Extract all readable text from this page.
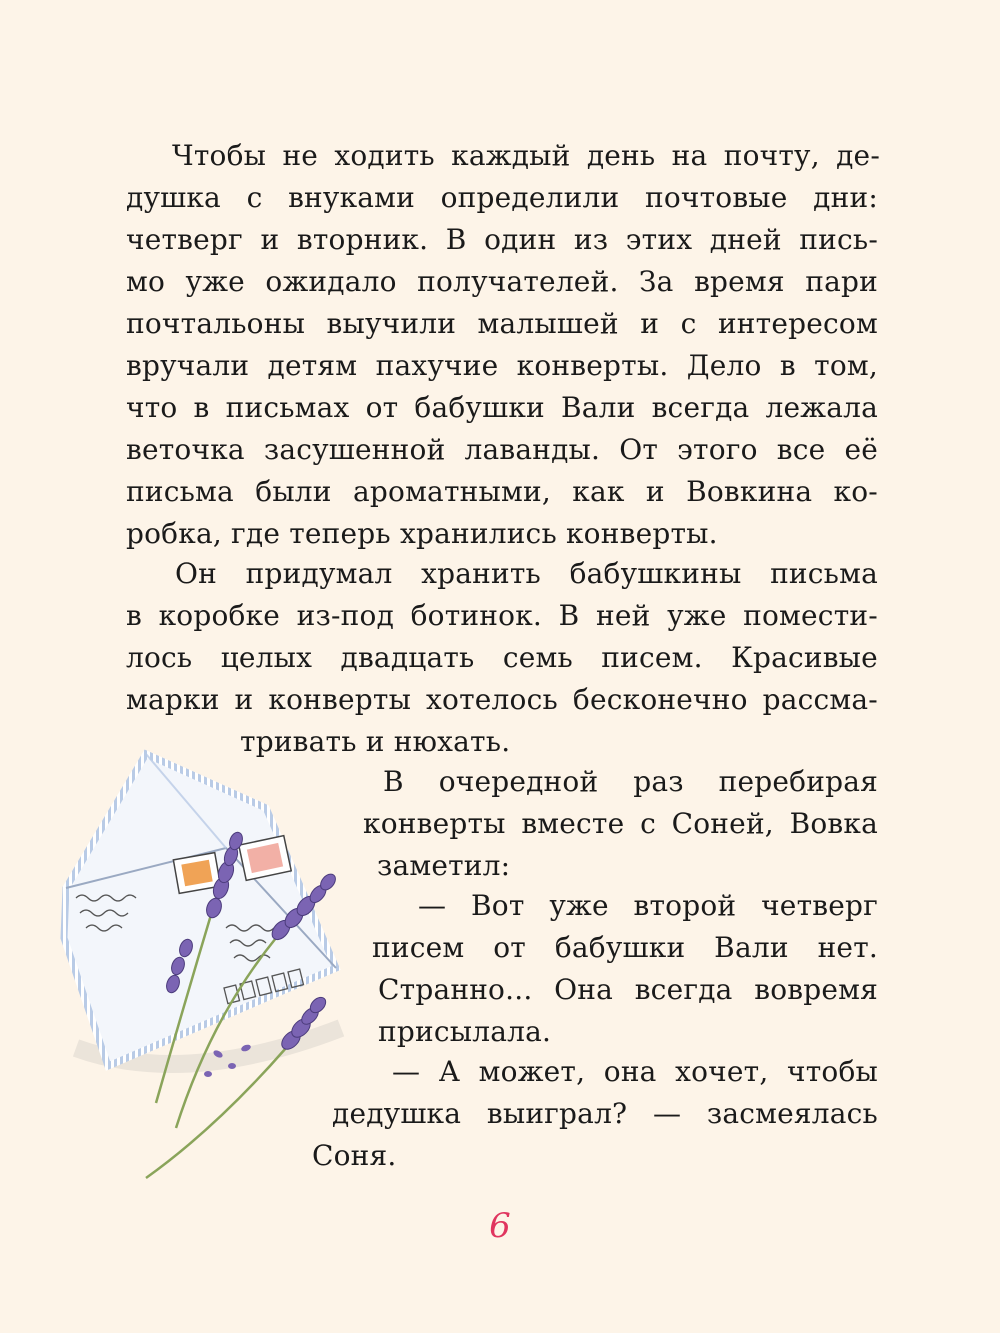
Чтобы не ходить каждый день на почту, де-
душка с внуками определили почтовые дни:
четверг и вторник. В один из этих дней пись-
мо уже ожидало получателей. За время пари
почтальоны выучили малышей и с интересом
вручали детям пахучие конверты. Дело в том,
что в письмах от бабушки Вали всегда лежала
веточка засушенной лаванды. От этого все её
письма были ароматными, как и Вовкина ко-
робка, где теперь хранились конверты.
Он придумал хранить бабушкины письма
в коробке из-под ботинок. В ней уже помести-
лось целых двадцать семь писем. Красивые
марки и конверты хотелось бесконечно рассма-
тривать и нюхать.
В очередной раз перебирая
конверты вместе с Соней, Вовка
заметил:
— Вот уже второй четверг
писем от бабушки Вали нет.
Странно... Она всегда вовремя
присылала.
— А может, она хочет, чтобы
дедушка выиграл? — засмеялась
Соня.
6
